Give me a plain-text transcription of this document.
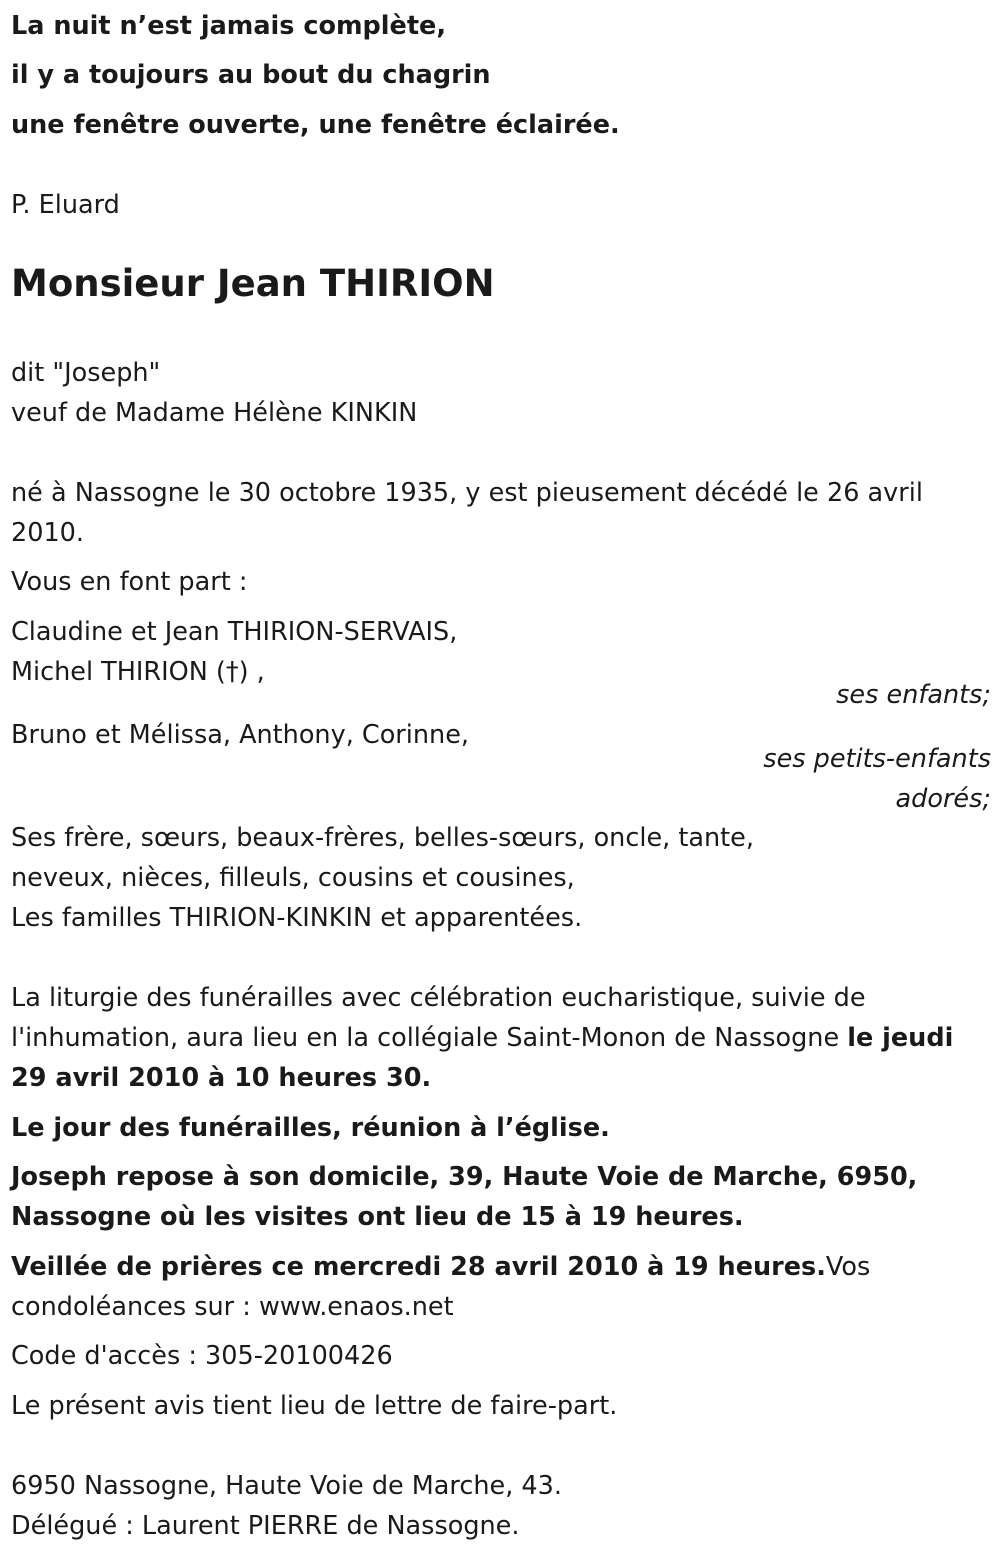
La nuit n’est jamais complète,
il y a toujours au bout du chagrin
une fenêtre ouverte, une fenêtre éclairée.
P. Eluard
Monsieur Jean THIRION
dit "Joseph"
veuf de Madame Hélène KINKIN
né à Nassogne le 30 octobre 1935, y est pieusement décédé le 26 avril 2010.
Vous en font part :
Claudine et Jean THIRION-SERVAIS,
Michel THIRION (†) ,
ses enfants;
Bruno et Mélissa, Anthony, Corinne,
ses petits-enfants
adorés;
Ses frère, sœurs, beaux-frères, belles-sœurs, oncle, tante,
neveux, nièces, filleuls, cousins et cousines,
Les familles THIRION-KINKIN et apparentées.
La liturgie des funérailles avec célébration eucharistique, suivie de l'inhumation, aura lieu en la collégiale Saint-Monon de Nassogne le jeudi 29 avril 2010 à 10 heures 30.
Le jour des funérailles, réunion à l’église.
Joseph repose à son domicile, 39, Haute Voie de Marche, 6950, Nassogne où les visites ont lieu de 15 à 19 heures.
Veillée de prières ce mercredi 28 avril 2010 à 19 heures.Vos condoléances sur : www.enaos.net
Code d'accès : 305-20100426
Le présent avis tient lieu de lettre de faire-part.
6950 Nassogne, Haute Voie de Marche, 43.
Délégué : Laurent PIERRE de Nassogne.
